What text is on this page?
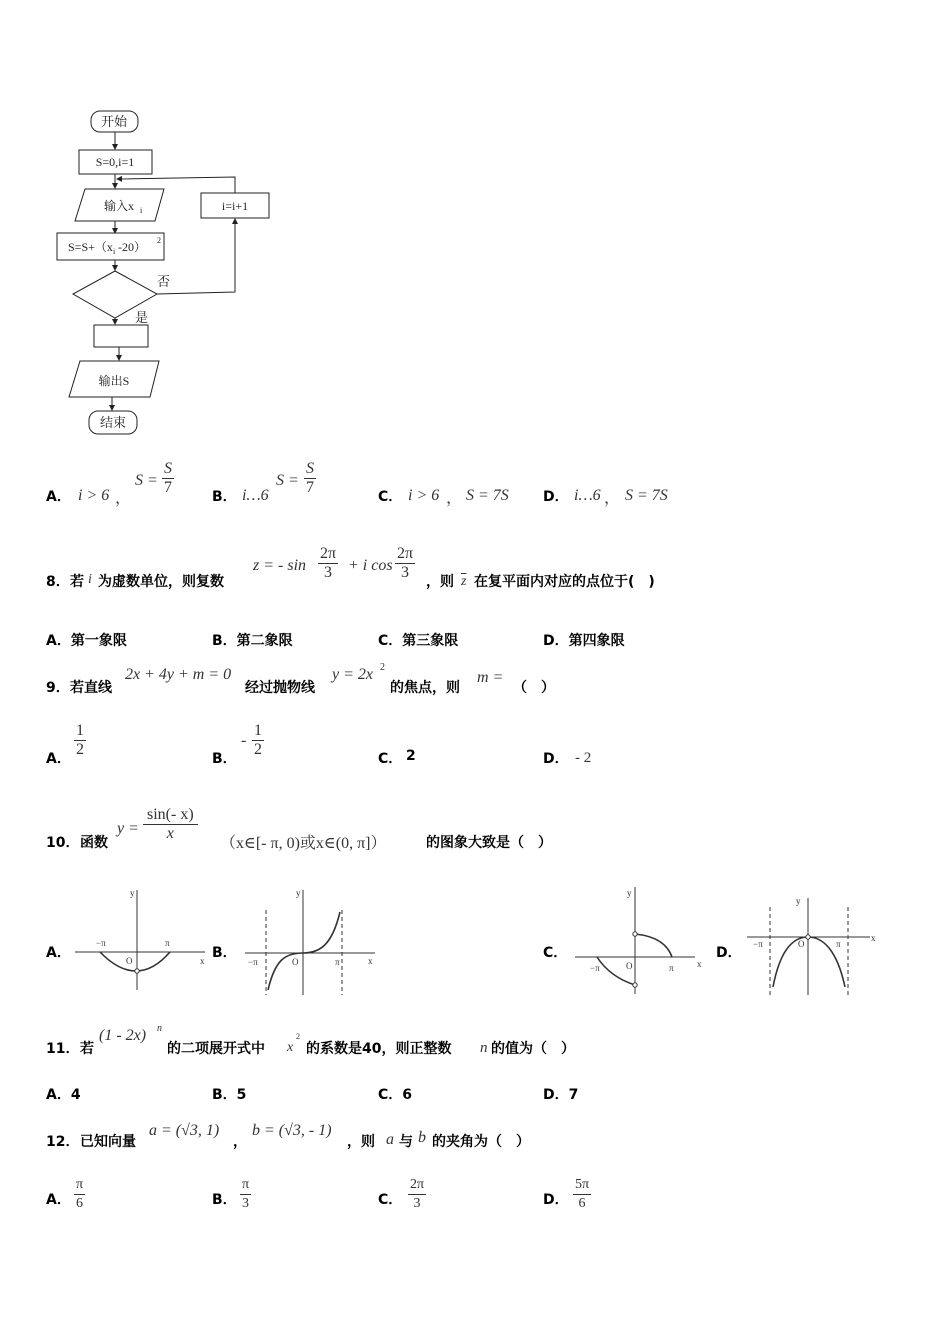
开始
S=0,i=1
输入x i
S=S+（x i -20） 2
i=i+1
否
是
输出S
结束
A． i > 6 ，
$S = \frac{S}{7}$	B． i…6
$S = \frac{S}{7}$	C． i > 6 ， S = 7S D． i…6 ， S = 7S
8． 若 i 为虚数单位，则复数
z = - $\sin \frac{2\pi}{3} + i$ $\cos \frac{2\pi}{3}$ ，则 $\overline{z}$ 在复平面内对应的点位于(　)
A．第一象限	B．第二象限	C．第三象限	D．第四象限
9． 若直线
2x + 4y + m = 0
经过抛物线
y = 2x 2
的焦点，则
m =
（　）
A． $\frac{1}{2}$	B．
- $\frac{1}{2}$	C． 2	D． - 2
10． 函数
$y = \frac{\sin(- x)}{x}$
（x∈[- π, 0)或x∈(0, π]）	的图象大致是（　）
A．	B．	C．	D．
y
x
O
−π	π
y
x
O
−π	π
y
x
O
−π	π
y
x
O
−π	π
11． 若
(1 - 2x) n
的二项展开式中 x
2
的系数是40，则正整数 n 的值为（　）
A．4	B．5	C．6	D．7
12． 已知向量
a = (√3, 1)
，
b = (√3, - 1)
，则 a 与 b 的夹角为（　）
A． $\frac{\pi}{6}$	B． $\frac{\pi}{3}$	C． $\frac{2\pi}{3}$	D． $\frac{5\pi}{6}$
